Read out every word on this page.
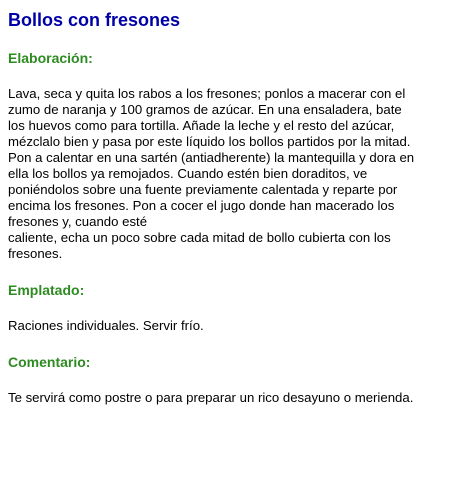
Bollos con fresones
Elaboración:

Lava, seca y quita los rabos a los fresones; ponlos a macerar con el
zumo de naranja y 100 gramos de azúcar. En una ensaladera, bate
los huevos como para tortilla. Añade la leche y el resto del azúcar,
mézclalo bien y pasa por este líquido los bollos partidos por la mitad.
Pon a calentar en una sartén (antiadherente) la mantequilla y dora en
ella los bollos ya remojados. Cuando estén bien doraditos, ve
poniéndolos sobre una fuente previamente calentada y reparte por
encima los fresones. Pon a cocer el jugo donde han macerado los
fresones y, cuando esté
caliente, echa un poco sobre cada mitad de bollo cubierta con los
fresones.

Emplatado:

Raciones individuales. Servir frío.

Comentario:

Te servirá como postre o para preparar un rico desayuno o merienda.
